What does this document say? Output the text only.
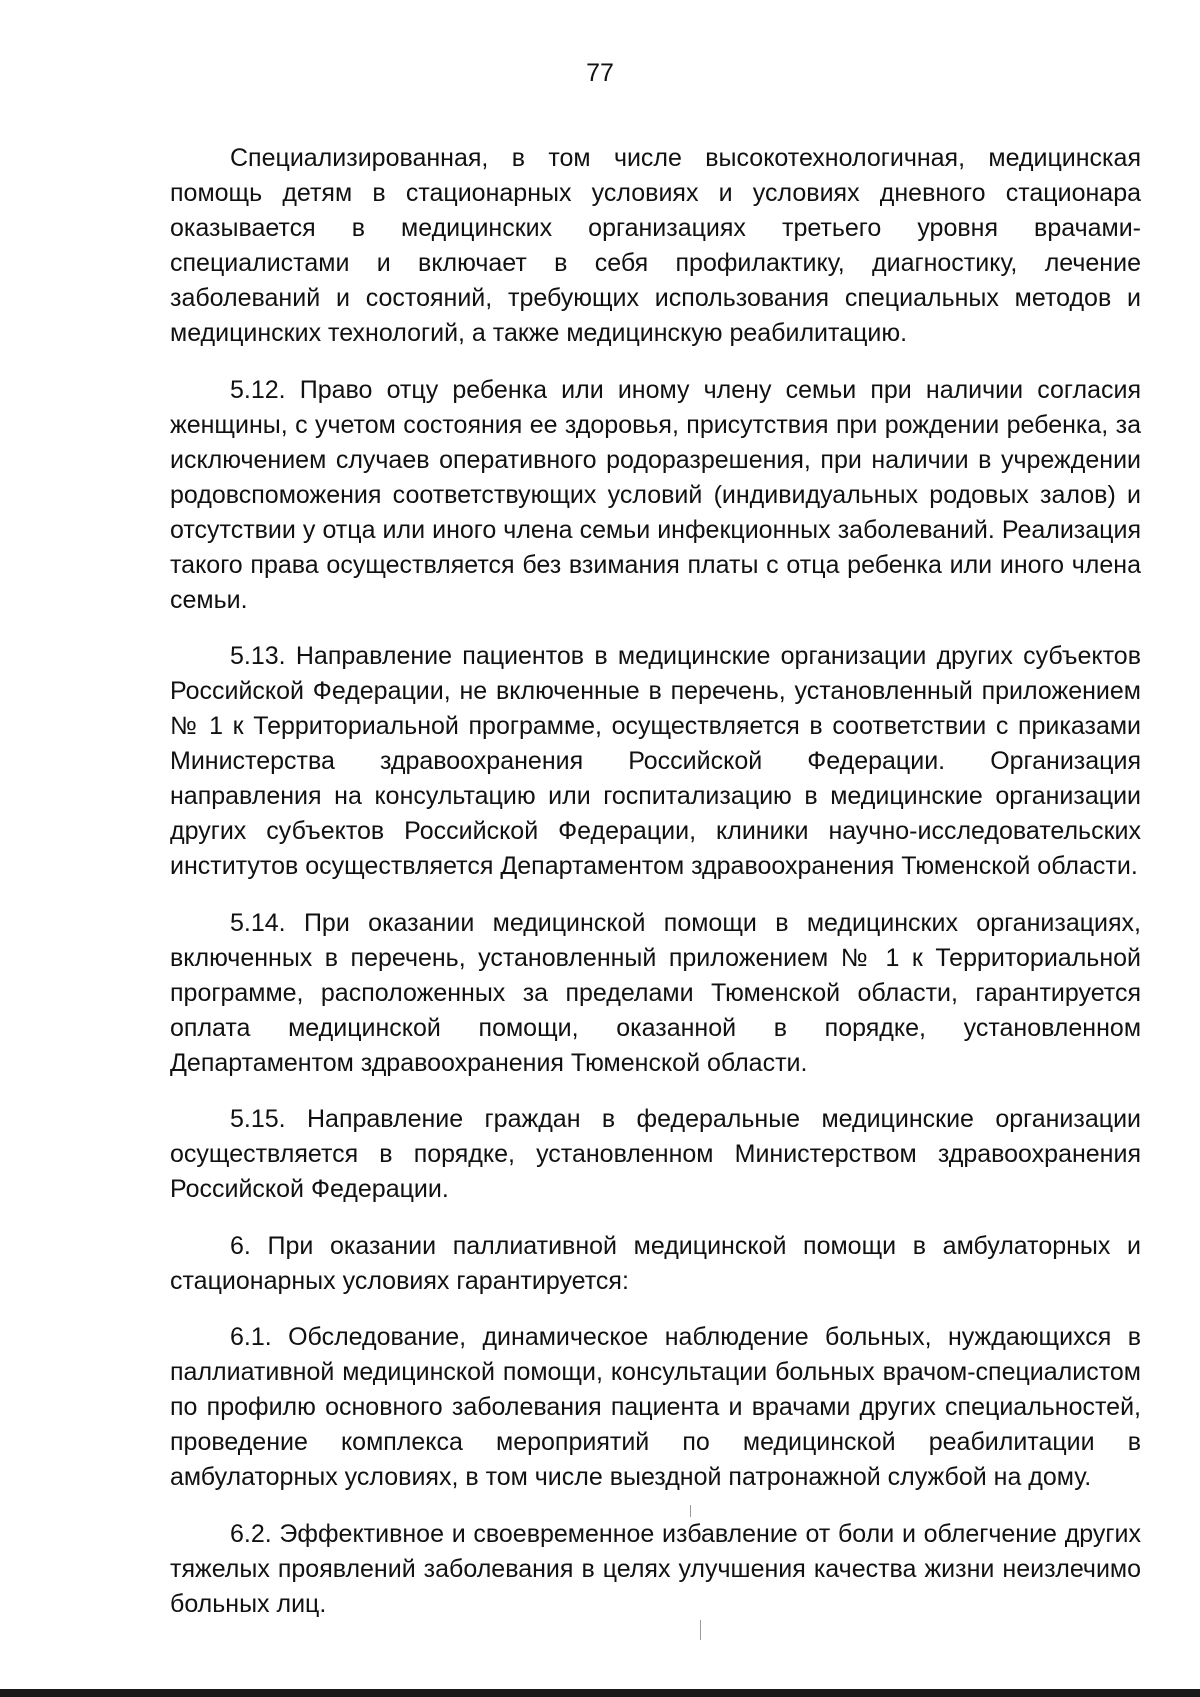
77

Специализированная, в том числе высокотехнологичная, медицинская помощь детям в стационарных условиях и условиях дневного стационара оказывается в медицинских организациях третьего уровня врачами-специалистами и включает в себя профилактику, диагностику, лечение заболеваний и состояний, требующих использования специальных методов и медицинских технологий, а также медицинскую реабилитацию.

5.12. Право отцу ребенка или иному члену семьи при наличии согласия женщины, с учетом состояния ее здоровья, присутствия при рождении ребенка, за исключением случаев оперативного родоразрешения, при наличии в учреждении родовспоможения соответствующих условий (индивидуальных родовых залов) и отсутствии у отца или иного члена семьи инфекционных заболеваний. Реализация такого права осуществляется без взимания платы с отца ребенка или иного члена семьи.

5.13. Направление пациентов в медицинские организации других субъектов Российской Федерации, не включенные в перечень, установленный приложением № 1 к Территориальной программе, осуществляется в соответствии с приказами Министерства здравоохранения Российской Федерации. Организация направления на консультацию или госпитализацию в медицинские организации других субъектов Российской Федерации, клиники научно-исследовательских институтов осуществляется Департаментом здравоохранения Тюменской области.

5.14. При оказании медицинской помощи в медицинских организациях, включенных в перечень, установленный приложением № 1 к Территориальной программе, расположенных за пределами Тюменской области, гарантируется оплата медицинской помощи, оказанной в порядке, установленном Департаментом здравоохранения Тюменской области.

5.15. Направление граждан в федеральные медицинские организации осуществляется в порядке, установленном Министерством здравоохранения Российской Федерации.

6. При оказании паллиативной медицинской помощи в амбулаторных и стационарных условиях гарантируется:

6.1. Обследование, динамическое наблюдение больных, нуждающихся в паллиативной медицинской помощи, консультации больных врачом-специалистом по профилю основного заболевания пациента и врачами других специальностей, проведение комплекса мероприятий по медицинской реабилитации в амбулаторных условиях, в том числе выездной патронажной службой на дому.

6.2. Эффективное и своевременное избавление от боли и облегчение других тяжелых проявлений заболевания в целях улучшения качества жизни неизлечимо больных лиц.
